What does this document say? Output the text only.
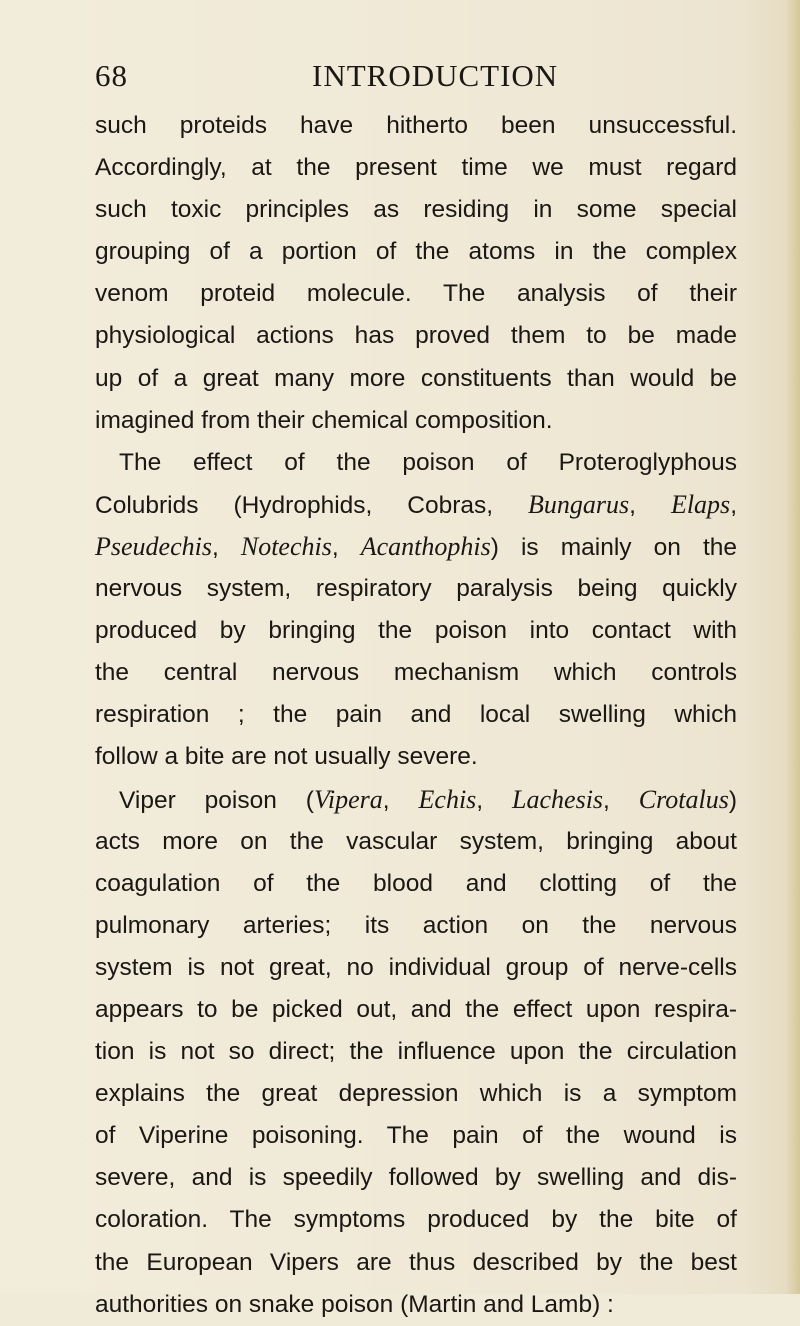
68	INTRODUCTION
such proteids have hitherto been unsuccessful.
Accordingly, at the present time we must regard
such toxic principles as residing in some special
grouping of a portion of the atoms in the complex
venom proteid molecule. The analysis of their
physiological actions has proved them to be made
up of a great many more constituents than would be
imagined from their chemical composition.
The effect of the poison of Proteroglyphous
Colubrids (Hydrophids, Cobras, Bungarus, Elaps,
Pseudechis, Notechis, Acanthophis) is mainly on the
nervous system, respiratory paralysis being quickly
produced by bringing the poison into contact with
the central nervous mechanism which controls
respiration ; the pain and local swelling which
follow a bite are not usually severe.
Viper poison (Vipera, Echis, Lachesis, Crotalus)
acts more on the vascular system, bringing about
coagulation of the blood and clotting of the
pulmonary arteries; its action on the nervous
system is not great, no individual group of nerve-cells
appears to be picked out, and the effect upon respira-
tion is not so direct; the influence upon the circulation
explains the great depression which is a symptom
of Viperine poisoning. The pain of the wound is
severe, and is speedily followed by swelling and dis-
coloration. The symptoms produced by the bite of
the European Vipers are thus described by the best
authorities on snake poison (Martin and Lamb) :
